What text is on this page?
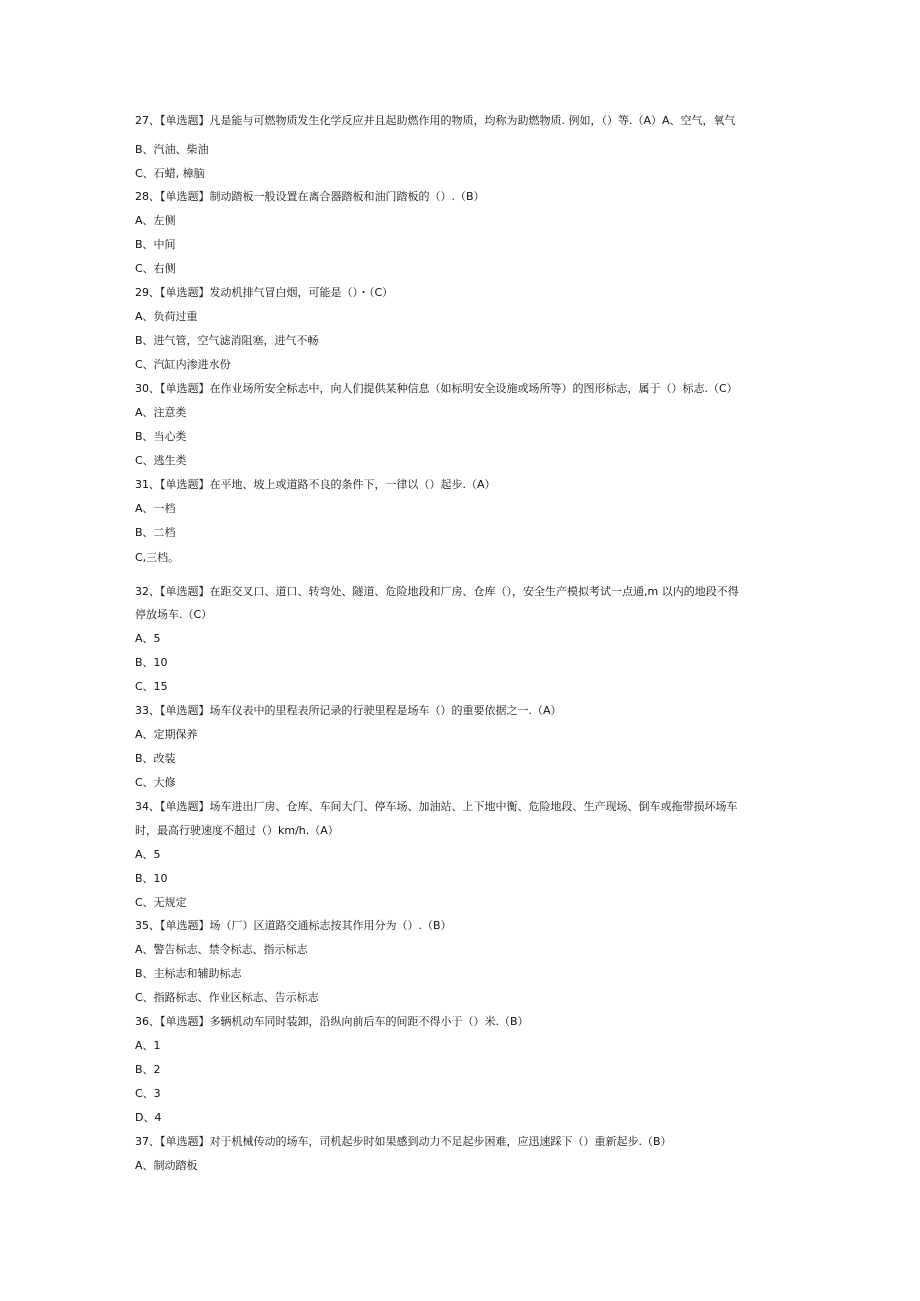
27、【单选题】凡是能与可燃物质发生化学反应并且起助燃作用的物质，均称为助燃物质. 例如，（）等.（A）A、空气，氧气
B、汽油、柴油
C、石蜡, 樟脑
28、【单选题】制动踏板一般设置在离合器踏板和油门踏板的（）.（B）
A、左侧
B、中间
C、右侧
29、【单选题】发动机排气冒白烟，可能是（）・（C）
A、负荷过重
B、进气管，空气滤消阻塞，进气不畅
C、汽缸内渗进水份
30、【单选题】在作业场所安全标志中，向人们提供某种信息（如标明安全设施或场所等）的图形标志，属于（）标志.（C）
A、注意类
B、当心类
C、逃生类
31、【单选题】在平地、坡上或道路不良的条件下，一律以（）起步.（A）
A、一档
B、二档
C,三档。
32、【单选题】在距交叉口、道口、转弯处、隧道、危险地段和厂房、仓库（），安全生产模拟考试一点通,m 以内的地段不得
停放场车.（C）
A、5
B、10
C、15
33、【单选题】场车仪表中的里程表所记录的行驶里程是场车（）的重要依据之一.（A）
A、定期保养
B、改装
C、大修
34、【单选题】场车进出厂房、仓库、车间大门、停车场、加油站、上下地中衡、危险地段、生产现场、倒车或拖带损坏场车
时，最高行驶速度不超过（）km/h.（A）
A、5
B、10
C、无规定
35、【单选题】场（厂）区道路交通标志按其作用分为（）.（B）
A、警告标志、禁令标志、指示标志
B、主标志和辅助标志
C、指路标志、作业区标志、告示标志
36、【单选题】多辆机动车同时装卸，沿纵向前后车的间距不得小于（）米.（B）
A、1
B、2
C、3
D、4
37、【单选题】对于机械传动的场车，司机起步时如果感到动力不足起步困难，应迅速踩下（）重新起步.（B）
A、制动踏板
